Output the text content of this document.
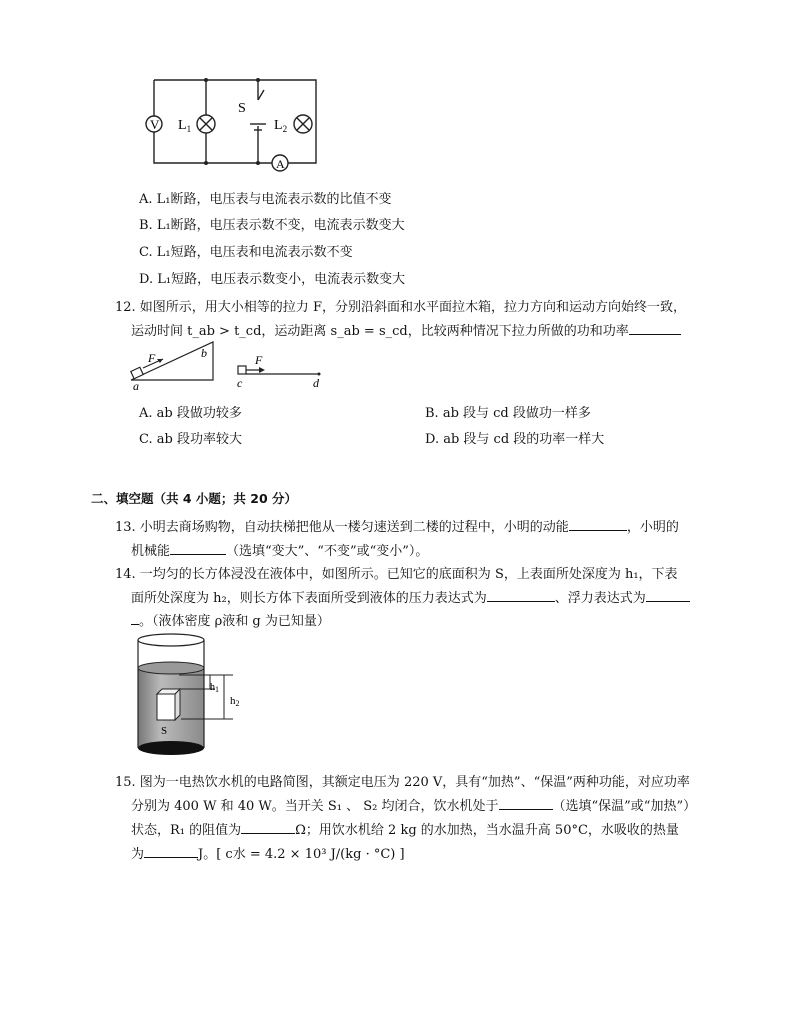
V $L_1$
S
$L_2$
A
A. L₁断路，电压表与电流表示数的比值不变
B. L₁断路，电压表示数不变，电流表示数变大
C. L₁短路，电压表和电流表示数不变
D. L₁短路，电压表示数变小，电流表示数变大
12. 如图所示，用大小相等的拉力 F，分别沿斜面和水平面拉木箱，拉力方向和运动方向始终一致，
运动时间 t_ab > t_cd，运动距离 s_ab = s_cd，比较两种情况下拉力所做的功和功率
F
a
b	F
c	d
A. ab 段做功较多	B. ab 段与 cd 段做功一样多
C. ab 段功率较大	D. ab 段与 cd 段的功率一样大
二、填空题（共 4 小题；共 20 分）
13. 小明去商场购物，自动扶梯把他从一楼匀速送到二楼的过程中，小明的动能	，小明的
机械能	（选填“变大”、“不变”或“变小”）。
14. 一均匀的长方体浸没在液体中，如图所示。已知它的底面积为 S，上表面所处深度为 h₁，下表
面所处深度为 h₂，则长方体下表面所受到液体的压力表达式为	、浮力表达式为
。（液体密度 ρ液和 g 为已知量）
$h_1$
h2
S
15. 图为一电热饮水机的电路简图，其额定电压为 220 V，具有“加热”、“保温”两种功能，对应功率
分别为 400 W 和 40 W。当开关 S₁ 、 S₂ 均闭合，饮水机处于	（选填“保温”或“加热”）
状态，R₁ 的阻值为	Ω；用饮水机给 2 kg 的水加热，当水温升高 50°C，水吸收的热量
为	J。[ c水 = 4.2 × 10³ J/(kg · °C) ]
